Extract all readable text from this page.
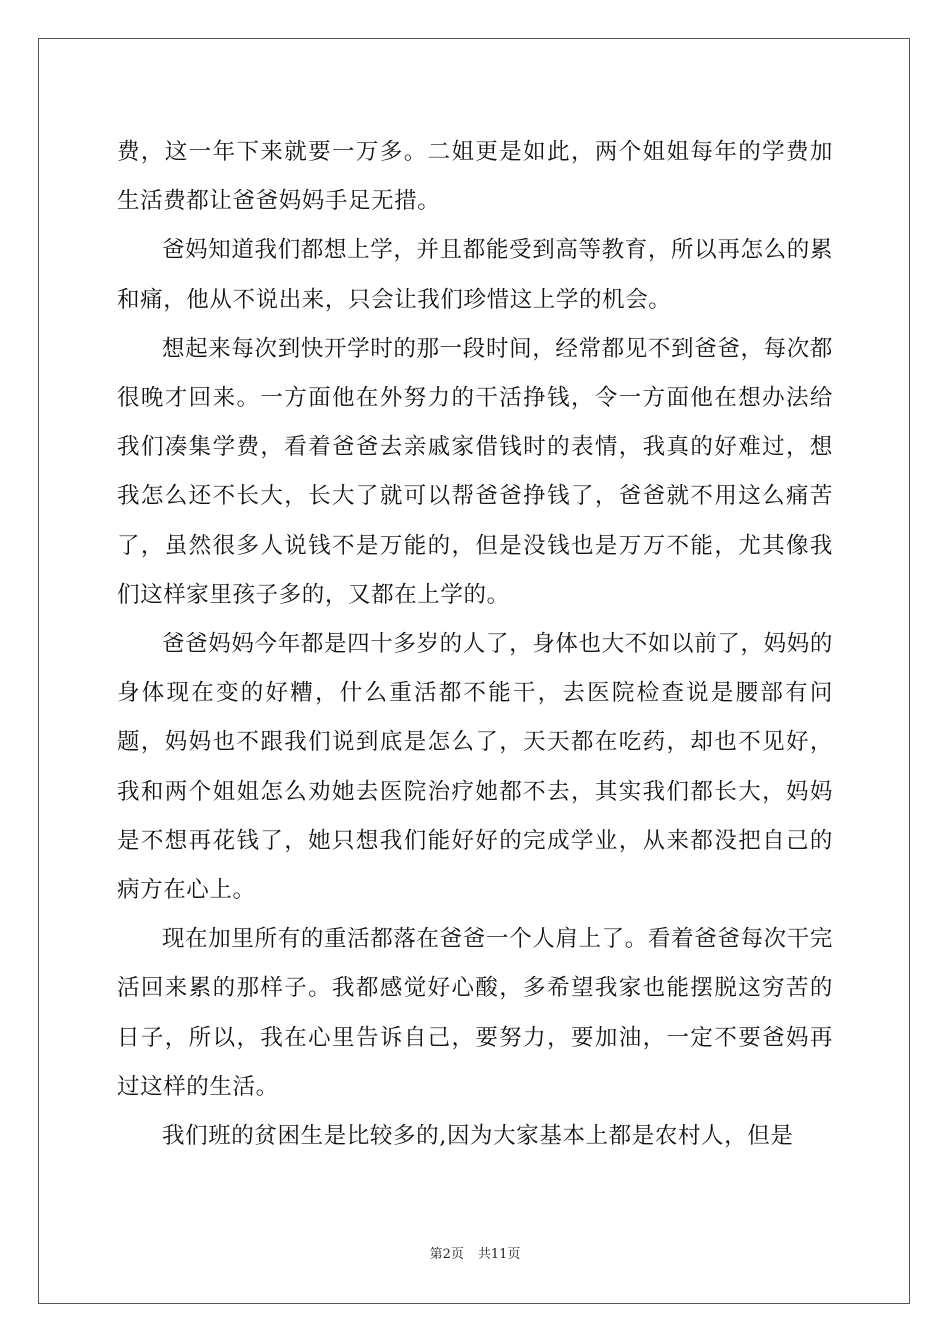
费，这一年下来就要一万多。二姐更是如此，两个姐姐每年的学费加生活费都让爸爸妈妈手足无措。

爸妈知道我们都想上学，并且都能受到高等教育，所以再怎么的累和痛，他从不说出来，只会让我们珍惜这上学的机会。

想起来每次到快开学时的那一段时间，经常都见不到爸爸，每次都很晚才回来。一方面他在外努力的干活挣钱，令一方面他在想办法给我们凑集学费，看着爸爸去亲戚家借钱时的表情，我真的好难过，想我怎么还不长大，长大了就可以帮爸爸挣钱了，爸爸就不用这么痛苦了，虽然很多人说钱不是万能的，但是没钱也是万万不能，尤其像我们这样家里孩子多的，又都在上学的。

爸爸妈妈今年都是四十多岁的人了，身体也大不如以前了，妈妈的身体现在变的好糟，什么重活都不能干，去医院检查说是腰部有问题，妈妈也不跟我们说到底是怎么了，天天都在吃药，却也不见好，我和两个姐姐怎么劝她去医院治疗她都不去，其实我们都长大，妈妈是不想再花钱了，她只想我们能好好的完成学业，从来都没把自己的病方在心上。

现在加里所有的重活都落在爸爸一个人肩上了。看着爸爸每次干完活回来累的那样子。我都感觉好心酸，多希望我家也能摆脱这穷苦的日子，所以，我在心里告诉自己，要努力，要加油，一定不要爸妈再过这样的生活。

我们班的贫困生是比较多的,因为大家基本上都是农村人，但是

第2页 共11页
